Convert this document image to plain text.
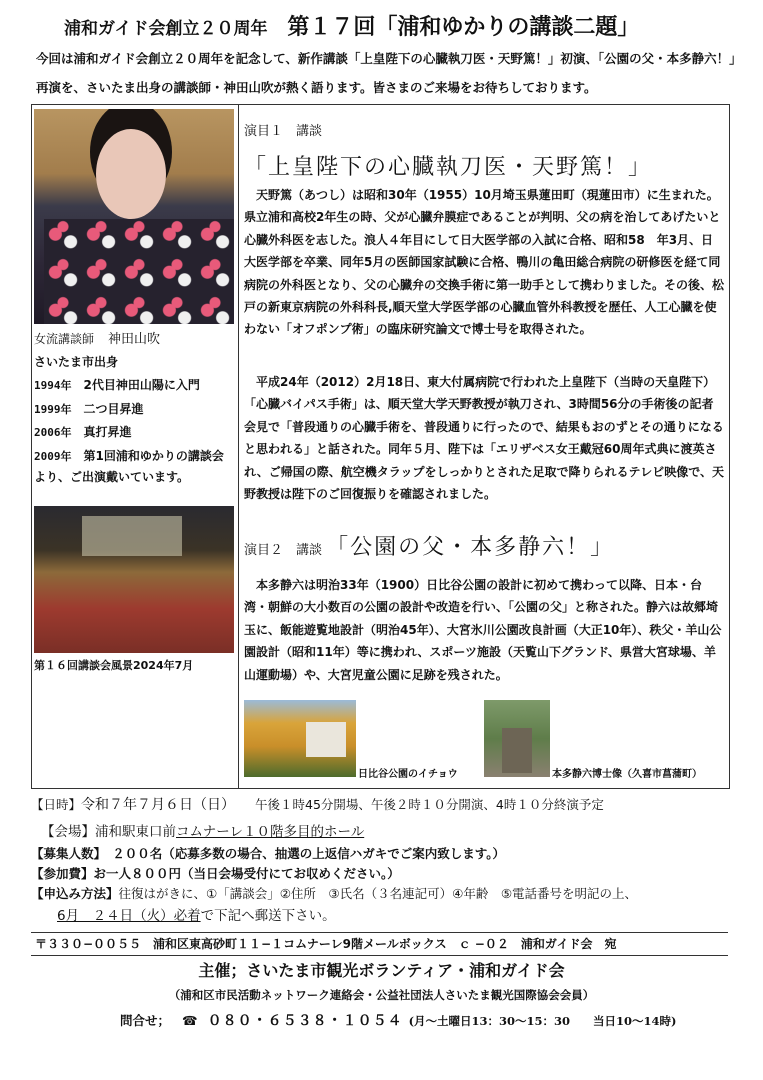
浦和ガイド会創立２０周年 第１７回「浦和ゆかりの講談二題」
今回は浦和ガイド会創立２０周年を記念して、新作講談「上皇陛下の心臓執刀医・天野篤！」初演、「公園の父・本多静六！」再演を、さいたま出身の講談師・神田山吹が熱く語ります。皆さまのご来場をお待ちしております。
女流講談師 神田山吹
さいたま市出身
1994年　 2代目神田山陽に入門
1999年　 二つ目昇進
2006年　 真打昇進
2009年　 第1回浦和ゆかりの講談会より、ご出演戴いています。
第１６回講談会風景2024年7月
演目１　講談 「上皇陛下の心臓執刀医・天野篤！」
天野篤（あつし）は昭和30年（1955）10月埼玉県蓮田町（現蓮田市）に生まれた。県立浦和高校2年生の時、父が心臓弁膜症であることが判明、父の病を治してあげたいと心臓外科医を志した。浪人４年目にして日大医学部の入試に合格、昭和58　年3月、日大医学部を卒業、同年5月の医師国家試験に合格、鴨川の亀田総合病院の研修医を経て同病院の外科医となり、父の心臓弁の交換手術に第一助手として携わりました。その後、松戸の新東京病院の外科科長,順天堂大学医学部の心臓血管外科教授を歴任、人工心臓を使わない「オフポンプ術」の臨床研究論文で博士号を取得された。
平成24年（2012）2月18日、東大付属病院で行われた上皇陛下（当時の天皇陛下）「心臓バイパス手術」は、順天堂大学天野教授が執刀され、3時間56分の手術後の記者会見で「普段通りの心臓手術を、普段通りに行ったので、結果もおのずとその通りになると思われる」と話された。同年５月、陛下は「エリザベス女王戴冠60周年式典に渡英され、ご帰国の際、航空機タラップをしっかりとされた足取で降りられるテレビ映像で、天野教授は陛下のご回復振りを確認されました。
演目２　講談 「公園の父・本多静六！」
本多静六は明治33年（1900）日比谷公園の設計に初めて携わって以降、日本・台湾・朝鮮の大小数百の公園の設計や改造を行い、「公園の父」と称された。静六は故郷埼玉に、飯能遊覧地設計（明治45年）、大宮氷川公園改良計画（大正10年）、秩父・羊山公園設計（昭和11年）等に携われ、スポーツ施設（天覧山下グランド、県営大宮球場、羊山運動場）や、大宮児童公園に足跡を残された。
日比谷公園のイチョウ	本多静六博士像（久喜市菖蒲町）
【日時】令和７年７月６日（日） 午後１時45分開場、午後２時１０分開演、4時１０分終演予定
【会場】浦和駅東口前コムナーレ１０階多目的ホール
【募集人数】　 ２００名（応募多数の場合、抽選の上返信ハガキでご案内致します。）
【参加費】お一人８００円（当日会場受付にてお収めください。）
【申込み方法】往復はがきに、①「講談会」②住所　③氏名（３名連記可）④年齢　⑤電話番号を明記の上、
6月　２４日（火）必着で下記へ郵送下さい。
〒３３０−００５５　浦和区東高砂町１１−１コムナーレ9階メールボックス　ｃ −０２　浦和ガイド会　宛
主催；さいたま市観光ボランティア・浦和ガイド会
（浦和区市民活動ネットワーク連絡会・公益社団法人さいたま観光国際協会会員）
問合せ； ☎ ０８０・６５３８・１０５４ (月〜土曜日13：30〜15：30　　当日10〜14時)
